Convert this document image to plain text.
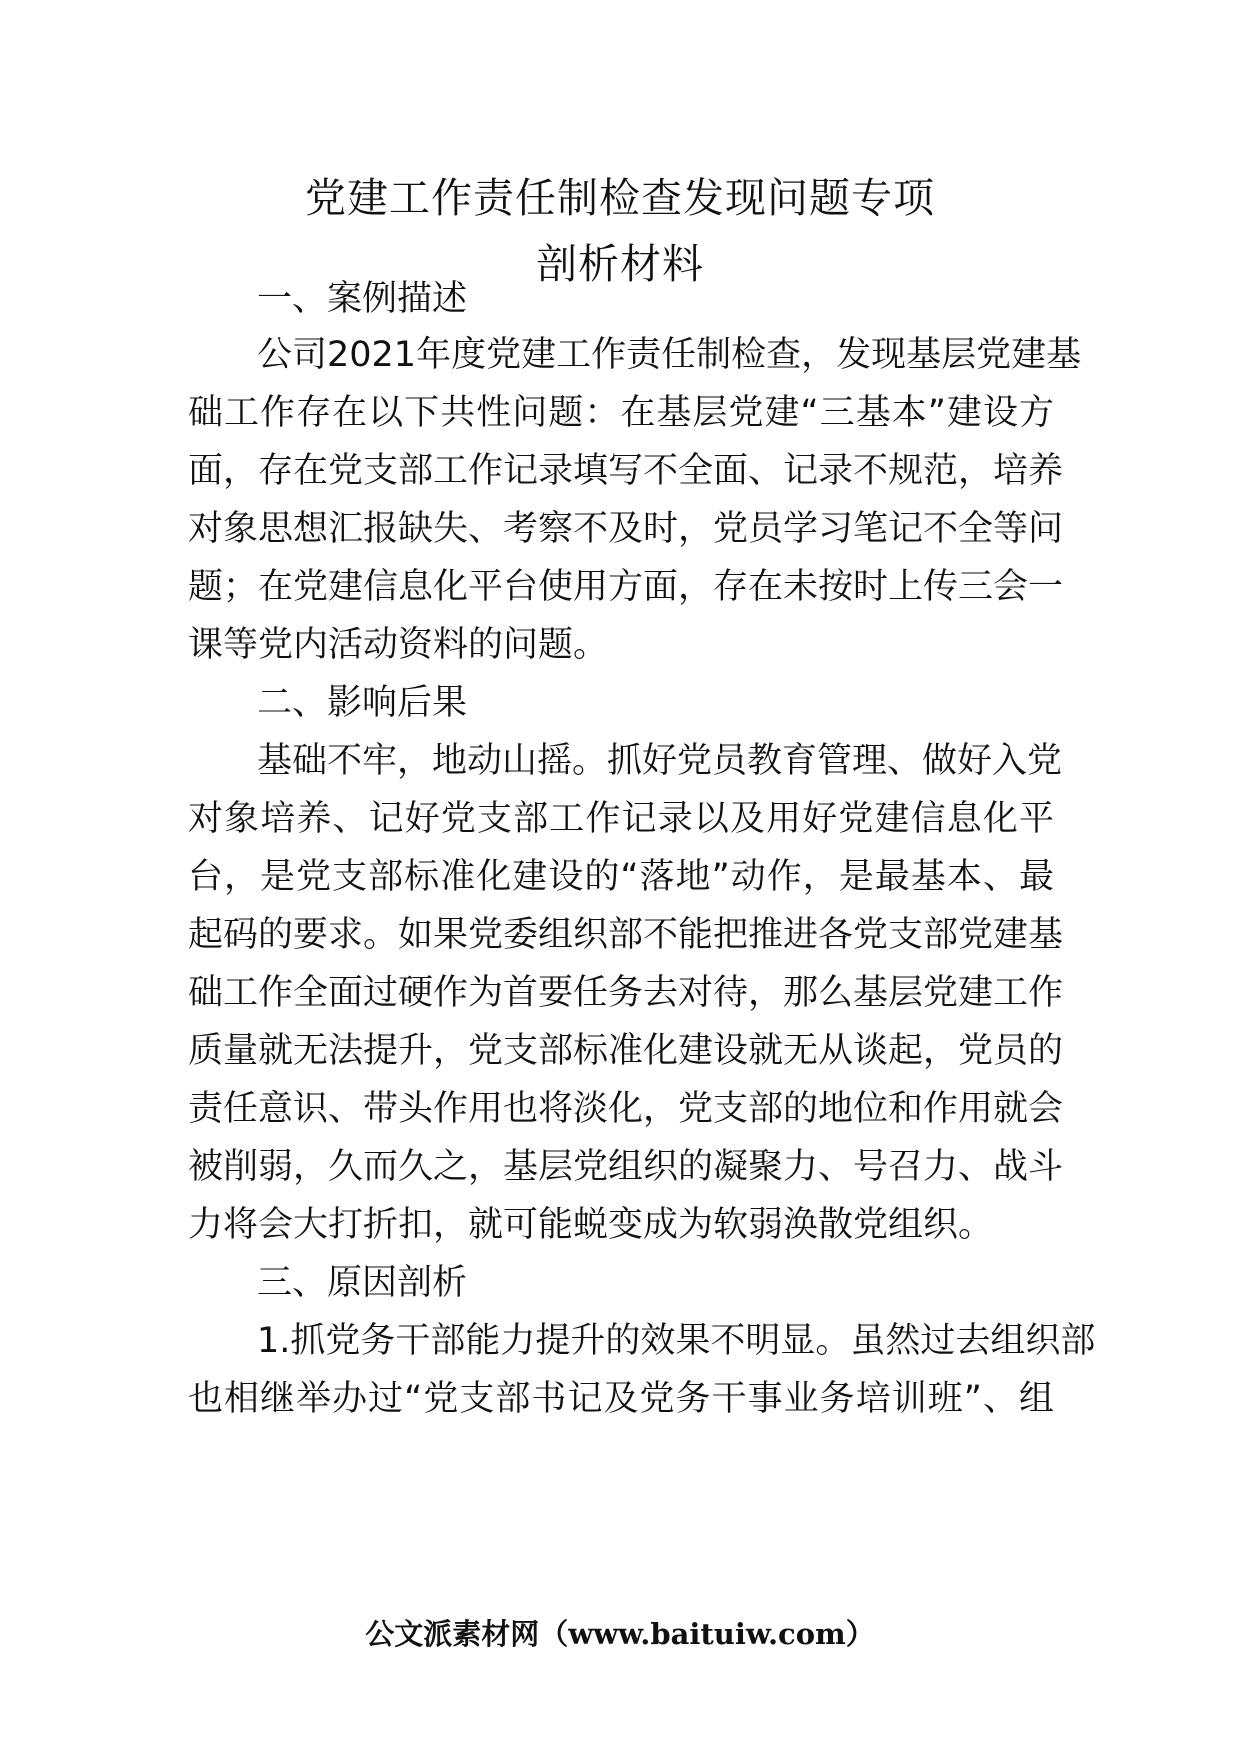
党建工作责任制检查发现问题专项
剖析材料
一、案例描述
公司2021年度党建工作责任制检查，发现基层党建基
础工作存在以下共性问题：在基层党建“三基本”建设方
面，存在党支部工作记录填写不全面、记录不规范，培养
对象思想汇报缺失、考察不及时，党员学习笔记不全等问
题；在党建信息化平台使用方面，存在未按时上传三会一
课等党内活动资料的问题。
二、影响后果
基础不牢，地动山摇。抓好党员教育管理、做好入党
对象培养、记好党支部工作记录以及用好党建信息化平
台，是党支部标准化建设的“落地”动作，是最基本、最
起码的要求。如果党委组织部不能把推进各党支部党建基
础工作全面过硬作为首要任务去对待，那么基层党建工作
质量就无法提升，党支部标准化建设就无从谈起，党员的
责任意识、带头作用也将淡化，党支部的地位和作用就会
被削弱，久而久之，基层党组织的凝聚力、号召力、战斗
力将会大打折扣，就可能蜕变成为软弱涣散党组织。
三、原因剖析
1.抓党务干部能力提升的效果不明显。虽然过去组织部
也相继举办过“党支部书记及党务干事业务培训班”、组
公文派素材网（www.baituiw.com）
